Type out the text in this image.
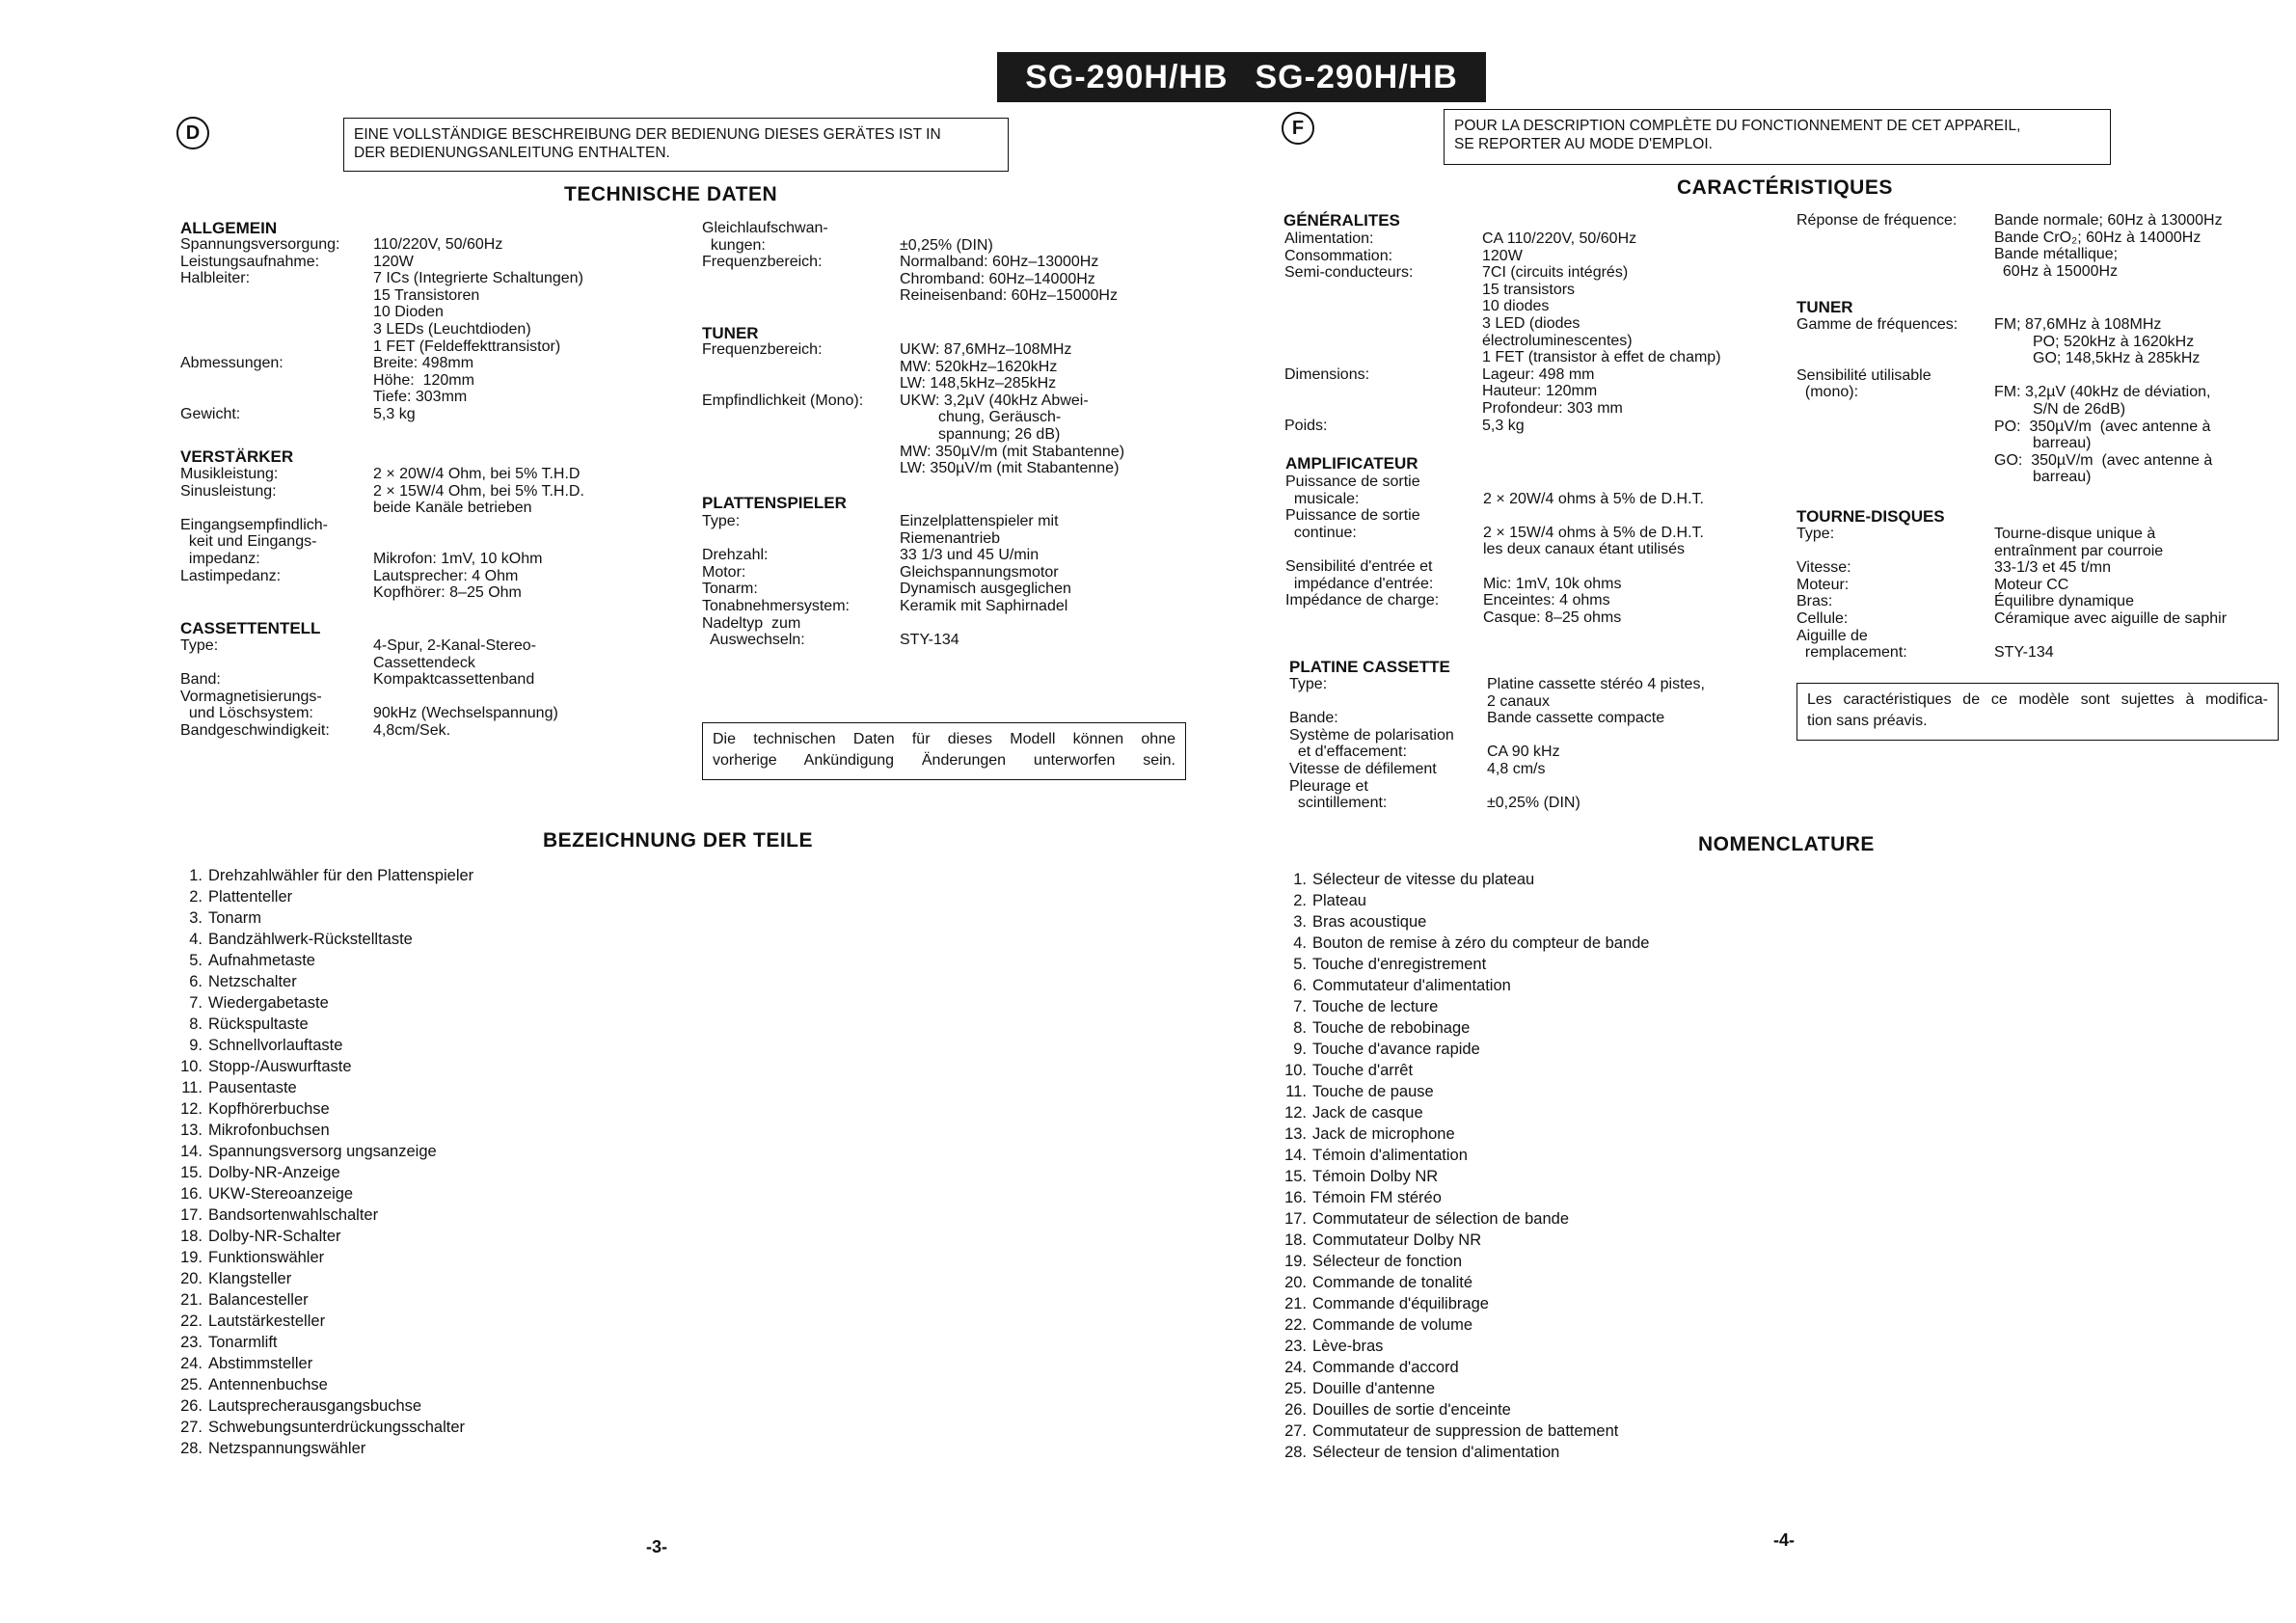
SG-290H/HB SG-290H/HB
D	EINE VOLLSTÄNDIGE BESCHREIBUNG DER BEDIENUNG DIESES GERÄTES IST IN
DER BEDIENUNGSANLEITUNG ENTHALTEN.
TECHNISCHE DATEN
ALLGEMEIN
Spannungsversorgung:	110/220V, 50/60Hz
Leistungsaufnahme:	120W
Halbleiter:	7 ICs (Integrierte Schaltungen)
15 Transistoren
10 Dioden
3 LEDs (Leuchtdioden)
1 FET (Feldeffekttransistor)
Abmessungen:	Breite: 498mm
Höhe:  120mm
Tiefe: 303mm
Gewicht:	5,3 kg
VERSTÄRKER
Musikleistung:	2 × 20W/4 Ohm, bei 5% T.H.D
Sinusleistung:	2 × 15W/4 Ohm, bei 5% T.H.D.
beide Kanäle betrieben
Eingangsempfindlich-
keit und Eingangs-
impedanz:	Mikrofon: 1mV, 10 kOhm
Lastimpedanz:	Lautsprecher: 4 Ohm
Kopfhörer: 8–25 Ohm
CASSETTENTELL
Type:	4-Spur, 2-Kanal-Stereo-
Cassettendeck
Band:	Kompaktcassettenband
Vormagnetisierungs-
und Löschsystem:	90kHz (Wechselspannung)
Bandgeschwindigkeit:	4,8cm/Sek.
Gleichlaufschwan-
kungen:	±0,25% (DIN)
Frequenzbereich:	Normalband: 60Hz–13000Hz
Chromband: 60Hz–14000Hz
Reineisenband: 60Hz–15000Hz
TUNER
Frequenzbereich:	UKW: 87,6MHz–108MHz
MW: 520kHz–1620kHz
LW: 148,5kHz–285kHz
Empfindlichkeit (Mono):	UKW: 3,2µV (40kHz Abwei-
chung, Geräusch-
spannung; 26 dB)
MW: 350µV/m (mit Stabantenne)
LW: 350µV/m (mit Stabantenne)
PLATTENSPIELER
Type:	Einzelplattenspieler mit
Riemenantrieb
Drehzahl:	33 1/3 und 45 U/min
Motor:	Gleichspannungsmotor
Tonarm:	Dynamisch ausgeglichen
Tonabnehmersystem:	Keramik mit Saphirnadel
Nadeltyp  zum
Auswechseln:	STY-134
Die technischen Daten für dieses Modell können ohne
vorherige Ankündigung Änderungen unterworfen sein.
BEZEICHNUNG DER TEILE
1. Drehzahlwähler für den Plattenspieler
2. Plattenteller
3. Tonarm
4. Bandzählwerk-Rückstelltaste
5. Aufnahmetaste
6. Netzschalter
7. Wiedergabetaste
8. Rückspultaste
9. Schnellvorlauftaste
10. Stopp-/Auswurftaste
11. Pausentaste
12. Kopfhörerbuchse
13. Mikrofonbuchsen
14. Spannungsversorg ungsanzeige
15. Dolby-NR-Anzeige
16. UKW-Stereoanzeige
17. Bandsortenwahlschalter
18. Dolby-NR-Schalter
19. Funktionswähler
20. Klangsteller
21. Balancesteller
22. Lautstärkesteller
23. Tonarmlift
24. Abstimmsteller
25. Antennenbuchse
26. Lautsprecherausgangsbuchse
27. Schwebungsunterdrückungsschalter
28. Netzspannungswähler
-3-
F	POUR LA DESCRIPTION COMPLÈTE DU FONCTIONNEMENT DE CET APPAREIL,
SE REPORTER AU MODE D'EMPLOI.
CARACTÉRISTIQUES
GÉNÉRALITES
Alimentation:	CA 110/220V, 50/60Hz
Consommation:	120W
Semi-conducteurs:	7CI (circuits intégrés)
15 transistors
10 diodes
3 LED (diodes
électroluminescentes)
1 FET (transistor à effet de champ)
Dimensions:	Lageur: 498 mm
Hauteur: 120mm
Profondeur: 303 mm
Poids:	5,3 kg
AMPLIFICATEUR
Puissance de sortie
musicale:	2 × 20W/4 ohms à 5% de D.H.T.
Puissance de sortie
continue:	2 × 15W/4 ohms à 5% de D.H.T.
les deux canaux étant utilisés
Sensibilité d'entrée et
impédance d'entrée:	Mic: 1mV, 10k ohms
Impédance de charge:	Enceintes: 4 ohms
Casque: 8–25 ohms
PLATINE CASSETTE
Type:	Platine cassette stéréo 4 pistes,
2 canaux
Bande:	Bande cassette compacte
Système de polarisation
et d'effacement:	CA 90 kHz
Vitesse de défilement	4,8 cm/s
Pleurage et
scintillement:	±0,25% (DIN)
Réponse de fréquence:	Bande normale; 60Hz à 13000Hz
Bande CrO₂; 60Hz à 14000Hz
Bande métallique;
60Hz à 15000Hz
TUNER
Gamme de fréquences:	FM; 87,6MHz à 108MHz
PO; 520kHz à 1620kHz
GO; 148,5kHz à 285kHz
Sensibilité utilisable
(mono):	FM: 3,2µV (40kHz de déviation,
S/N de 26dB)
PO:  350µV/m  (avec antenne à
barreau)
GO:  350µV/m  (avec antenne à
barreau)
TOURNE-DISQUES
Type:	Tourne-disque unique à
entraînment par courroie
Vitesse:	33-1/3 et 45 t/mn
Moteur:	Moteur CC
Bras:	Équilibre dynamique
Cellule:	Céramique avec aiguille de saphir
Aiguille de
remplacement:	STY-134
Les caractéristiques de ce modèle sont sujettes à modifica-
tion sans préavis.
NOMENCLATURE
1. Sélecteur de vitesse du plateau
2. Plateau
3. Bras acoustique
4. Bouton de remise à zéro du compteur de bande
5. Touche d'enregistrement
6. Commutateur d'alimentation
7. Touche de lecture
8. Touche de rebobinage
9. Touche d'avance rapide
10. Touche d'arrêt
11. Touche de pause
12. Jack de casque
13. Jack de microphone
14. Témoin d'alimentation
15. Témoin Dolby NR
16. Témoin FM stéréo
17. Commutateur de sélection de bande
18. Commutateur Dolby NR
19. Sélecteur de fonction
20. Commande de tonalité
21. Commande d'équilibrage
22. Commande de volume
23. Lève-bras
24. Commande d'accord
25. Douille d'antenne
26. Douilles de sortie d'enceinte
27. Commutateur de suppression de battement
28. Sélecteur de tension d'alimentation
-4-
